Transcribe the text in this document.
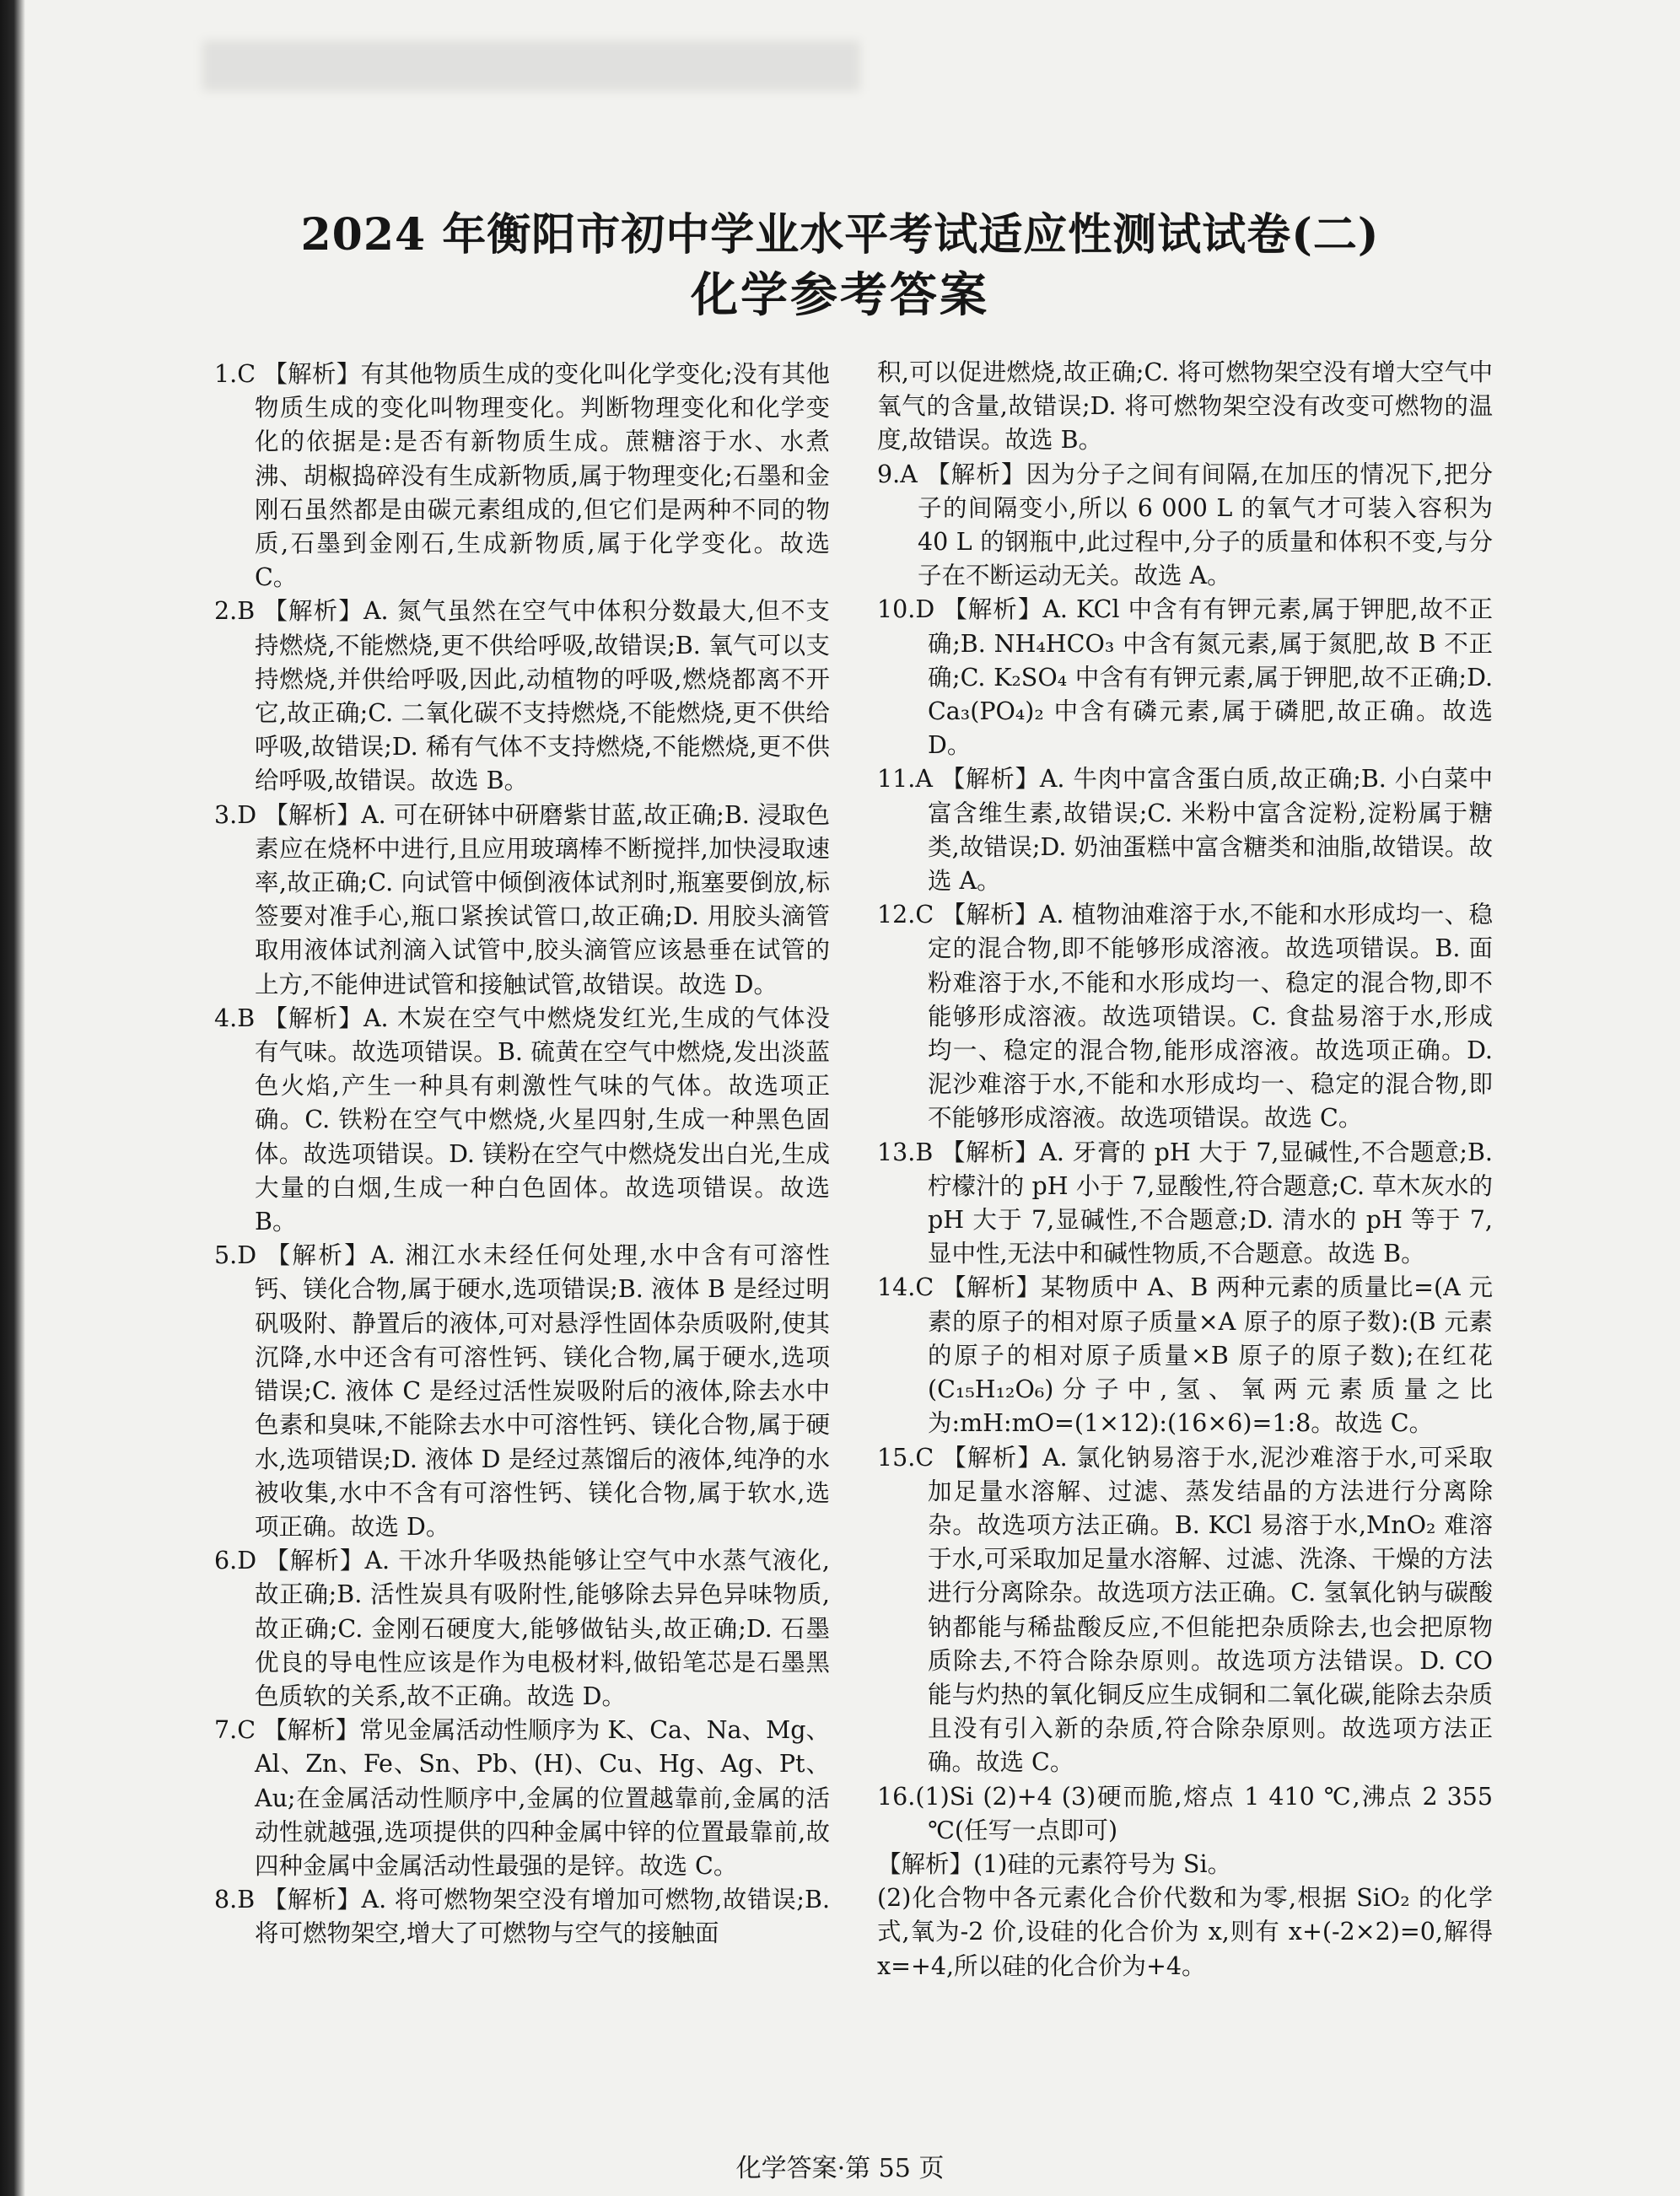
2024 年衡阳市初中学业水平考试适应性测试试卷(二)
化学参考答案

1.C 【解析】有其他物质生成的变化叫化学变化;没有其他物质生成的变化叫物理变化。判断物理变化和化学变化的依据是:是否有新物质生成。蔗糖溶于水、水煮沸、胡椒捣碎没有生成新物质,属于物理变化;石墨和金刚石虽然都是由碳元素组成的,但它们是两种不同的物质,石墨到金刚石,生成新物质,属于化学变化。故选 C。

2.B 【解析】A. 氮气虽然在空气中体积分数最大,但不支持燃烧,不能燃烧,更不供给呼吸,故错误;B. 氧气可以支持燃烧,并供给呼吸,因此,动植物的呼吸,燃烧都离不开它,故正确;C. 二氧化碳不支持燃烧,不能燃烧,更不供给呼吸,故错误;D. 稀有气体不支持燃烧,不能燃烧,更不供给呼吸,故错误。故选 B。

3.D 【解析】A. 可在研钵中研磨紫甘蓝,故正确;B. 浸取色素应在烧杯中进行,且应用玻璃棒不断搅拌,加快浸取速率,故正确;C. 向试管中倾倒液体试剂时,瓶塞要倒放,标签要对准手心,瓶口紧挨试管口,故正确;D. 用胶头滴管取用液体试剂滴入试管中,胶头滴管应该悬垂在试管的上方,不能伸进试管和接触试管,故错误。故选 D。

4.B 【解析】A. 木炭在空气中燃烧发红光,生成的气体没有气味。故选项错误。B. 硫黄在空气中燃烧,发出淡蓝色火焰,产生一种具有刺激性气味的气体。故选项正确。C. 铁粉在空气中燃烧,火星四射,生成一种黑色固体。故选项错误。D. 镁粉在空气中燃烧发出白光,生成大量的白烟,生成一种白色固体。故选项错误。故选 B。

5.D 【解析】A. 湘江水未经任何处理,水中含有可溶性钙、镁化合物,属于硬水,选项错误;B. 液体 B 是经过明矾吸附、静置后的液体,可对悬浮性固体杂质吸附,使其沉降,水中还含有可溶性钙、镁化合物,属于硬水,选项错误;C. 液体 C 是经过活性炭吸附后的液体,除去水中色素和臭味,不能除去水中可溶性钙、镁化合物,属于硬水,选项错误;D. 液体 D 是经过蒸馏后的液体,纯净的水被收集,水中不含有可溶性钙、镁化合物,属于软水,选项正确。故选 D。

6.D 【解析】A. 干冰升华吸热能够让空气中水蒸气液化,故正确;B. 活性炭具有吸附性,能够除去异色异味物质,故正确;C. 金刚石硬度大,能够做钻头,故正确;D. 石墨优良的导电性应该是作为电极材料,做铅笔芯是石墨黑色质软的关系,故不正确。故选 D。

7.C 【解析】常见金属活动性顺序为 K、Ca、Na、Mg、Al、Zn、Fe、Sn、Pb、(H)、Cu、Hg、Ag、Pt、Au;在金属活动性顺序中,金属的位置越靠前,金属的活动性就越强,选项提供的四种金属中锌的位置最靠前,故四种金属中金属活动性最强的是锌。故选 C。

8.B 【解析】A. 将可燃物架空没有增加可燃物,故错误;B. 将可燃物架空,增大了可燃物与空气的接触面

积,可以促进燃烧,故正确;C. 将可燃物架空没有增大空气中氧气的含量,故错误;D. 将可燃物架空没有改变可燃物的温度,故错误。故选 B。

9.A 【解析】因为分子之间有间隔,在加压的情况下,把分子的间隔变小,所以 6 000 L 的氧气才可装入容积为 40 L 的钢瓶中,此过程中,分子的质量和体积不变,与分子在不断运动无关。故选 A。

10.D 【解析】A. KCl 中含有有钾元素,属于钾肥,故不正确;B. NH₄HCO₃ 中含有氮元素,属于氮肥,故 B 不正确;C. K₂SO₄ 中含有有钾元素,属于钾肥,故不正确;D. Ca₃(PO₄)₂ 中含有磷元素,属于磷肥,故正确。故选 D。

11.A 【解析】A. 牛肉中富含蛋白质,故正确;B. 小白菜中富含维生素,故错误;C. 米粉中富含淀粉,淀粉属于糖类,故错误;D. 奶油蛋糕中富含糖类和油脂,故错误。故选 A。

12.C 【解析】A. 植物油难溶于水,不能和水形成均一、稳定的混合物,即不能够形成溶液。故选项错误。B. 面粉难溶于水,不能和水形成均一、稳定的混合物,即不能够形成溶液。故选项错误。C. 食盐易溶于水,形成均一、稳定的混合物,能形成溶液。故选项正确。D. 泥沙难溶于水,不能和水形成均一、稳定的混合物,即不能够形成溶液。故选项错误。故选 C。

13.B 【解析】A. 牙膏的 pH 大于 7,显碱性,不合题意;B. 柠檬汁的 pH 小于 7,显酸性,符合题意;C. 草木灰水的 pH 大于 7,显碱性,不合题意;D. 清水的 pH 等于 7,显中性,无法中和碱性物质,不合题意。故选 B。

14.C 【解析】某物质中 A、B 两种元素的质量比=(A 元素的原子的相对原子质量×A 原子的原子数):(B 元素的原子的相对原子质量×B 原子的原子数);在红花(C₁₅H₁₂O₆)分子中,氢、氧两元素质量之比为:mH:mO=(1×12):(16×6)=1:8。故选 C。

15.C 【解析】A. 氯化钠易溶于水,泥沙难溶于水,可采取加足量水溶解、过滤、蒸发结晶的方法进行分离除杂。故选项方法正确。B. KCl 易溶于水,MnO₂ 难溶于水,可采取加足量水溶解、过滤、洗涤、干燥的方法进行分离除杂。故选项方法正确。C. 氢氧化钠与碳酸钠都能与稀盐酸反应,不但能把杂质除去,也会把原物质除去,不符合除杂原则。故选项方法错误。D. CO 能与灼热的氧化铜反应生成铜和二氧化碳,能除去杂质且没有引入新的杂质,符合除杂原则。故选项方法正确。故选 C。

16.(1)Si (2)+4 (3)硬而脆,熔点 1 410 ℃,沸点 2 355 ℃(任写一点即可)

【解析】(1)硅的元素符号为 Si。

(2)化合物中各元素化合价代数和为零,根据 SiO₂ 的化学式,氧为-2 价,设硅的化合价为 x,则有 x+(-2×2)=0,解得 x=+4,所以硅的化合价为+4。

化学答案·第 55 页
